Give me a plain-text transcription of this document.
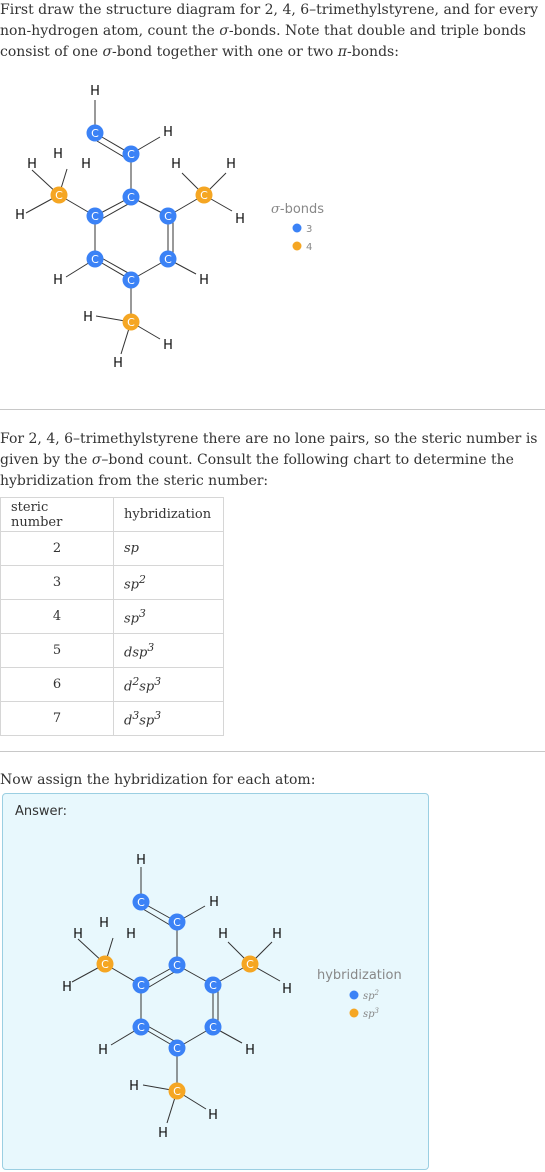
First draw the structure diagram for 2, 4, 6–trimethylstyrene, and for every non-hydrogen atom, count the σ-bonds. Note that double and triple bonds consist of one σ-bond together with one or two π-bonds:

H
H
H
H	H
H
H	H
H
H	H
H
H
H
C
C
C
C	C
C	C
C
C	C
C
σ-bonds
3
4

For 2, 4, 6–trimethylstyrene there are no lone pairs, so the steric number is given by the σ–bond count. Consult the following chart to determine the hybridization from the steric number:

steric number	hybridization
2	sp
3	$sp^2$
4	$sp^3$
5	dsp$^3$
6	$d^2sp^3$
7	$d^3sp^3$

Now assign the hybridization for each atom:

Answer:
H
H
H
H	H
H
H	H
H
H	H
H
H
H
C
C
C
C	C
C	C
C
C	C
C
hybridization
$sp^2$
$sp^3$
